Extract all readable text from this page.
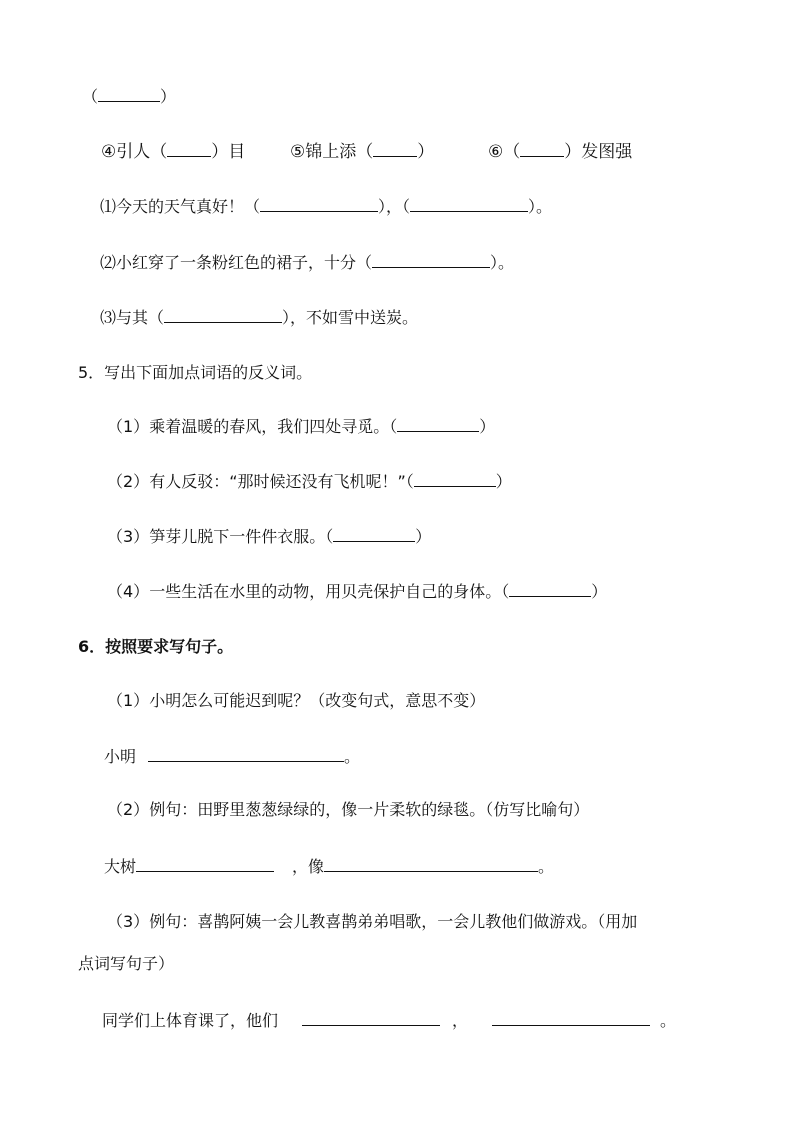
（	）
④引人（	）目	⑤锦上添（	）	⑥（	）发图强
⑴今天的天气真好！（	），（	）。
⑵小红穿了一条粉红色的裙子，十分（	）。
⑶与其（	），不如雪中送炭。
5．写出下面加点词语的反义词。
（1）乘着温暖的春风，我们四处寻觅。（	）
（2）有人反驳：“那时候还没有飞机呢！”（	）
（3）笋芽儿脱下一件件衣服。（	）
（4）一些生活在水里的动物，用贝壳保护自己的身体。（	）
6．按照要求写句子。
（1）小明怎么可能迟到呢？（改变句式，意思不变）
小明	。
（2）例句：田野里葱葱绿绿的，像一片柔软的绿毯。（仿写比喻句）
大树	，像	。
（3）例句：喜鹊阿姨一会儿教喜鹊弟弟唱歌，一会儿教他们做游戏。（用加
点词写句子）
同学们上体育课了，他们	，	。
